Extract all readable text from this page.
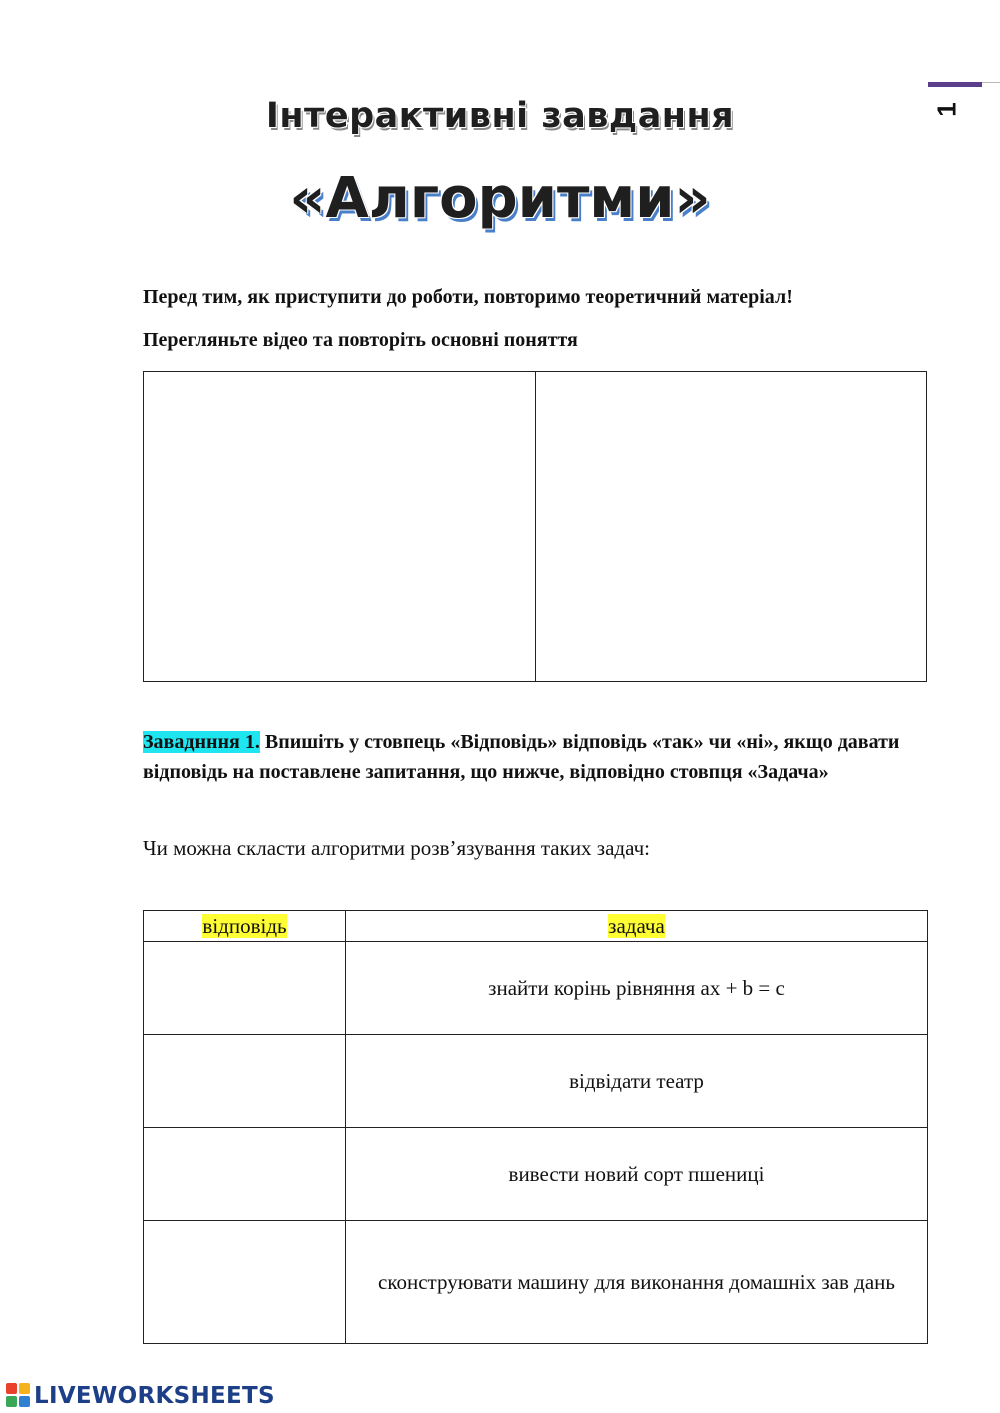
1
Інтерактивні завдання
«Алгоритми»
Перед тим, як приступити до роботи, повторимо теоретичний матеріал!
Перегляньте відео та повторіть основні поняття
Заваднння 1. Впишіть у стовпець «Відповідь» відповідь «так» чи «ні», якщо давати відповідь на поставлене запитання, що нижче, відповідно стовпця «Задача»
Чи можна скласти алгоритми розв’язування таких задач:
відповідь	задача
	знайти корінь рівняння ax + b = c
	відвідати театр
	вивести новий сорт пшениці
	сконструювати машину для виконання домашніх зав дань
LIVEWORKSHEETS
